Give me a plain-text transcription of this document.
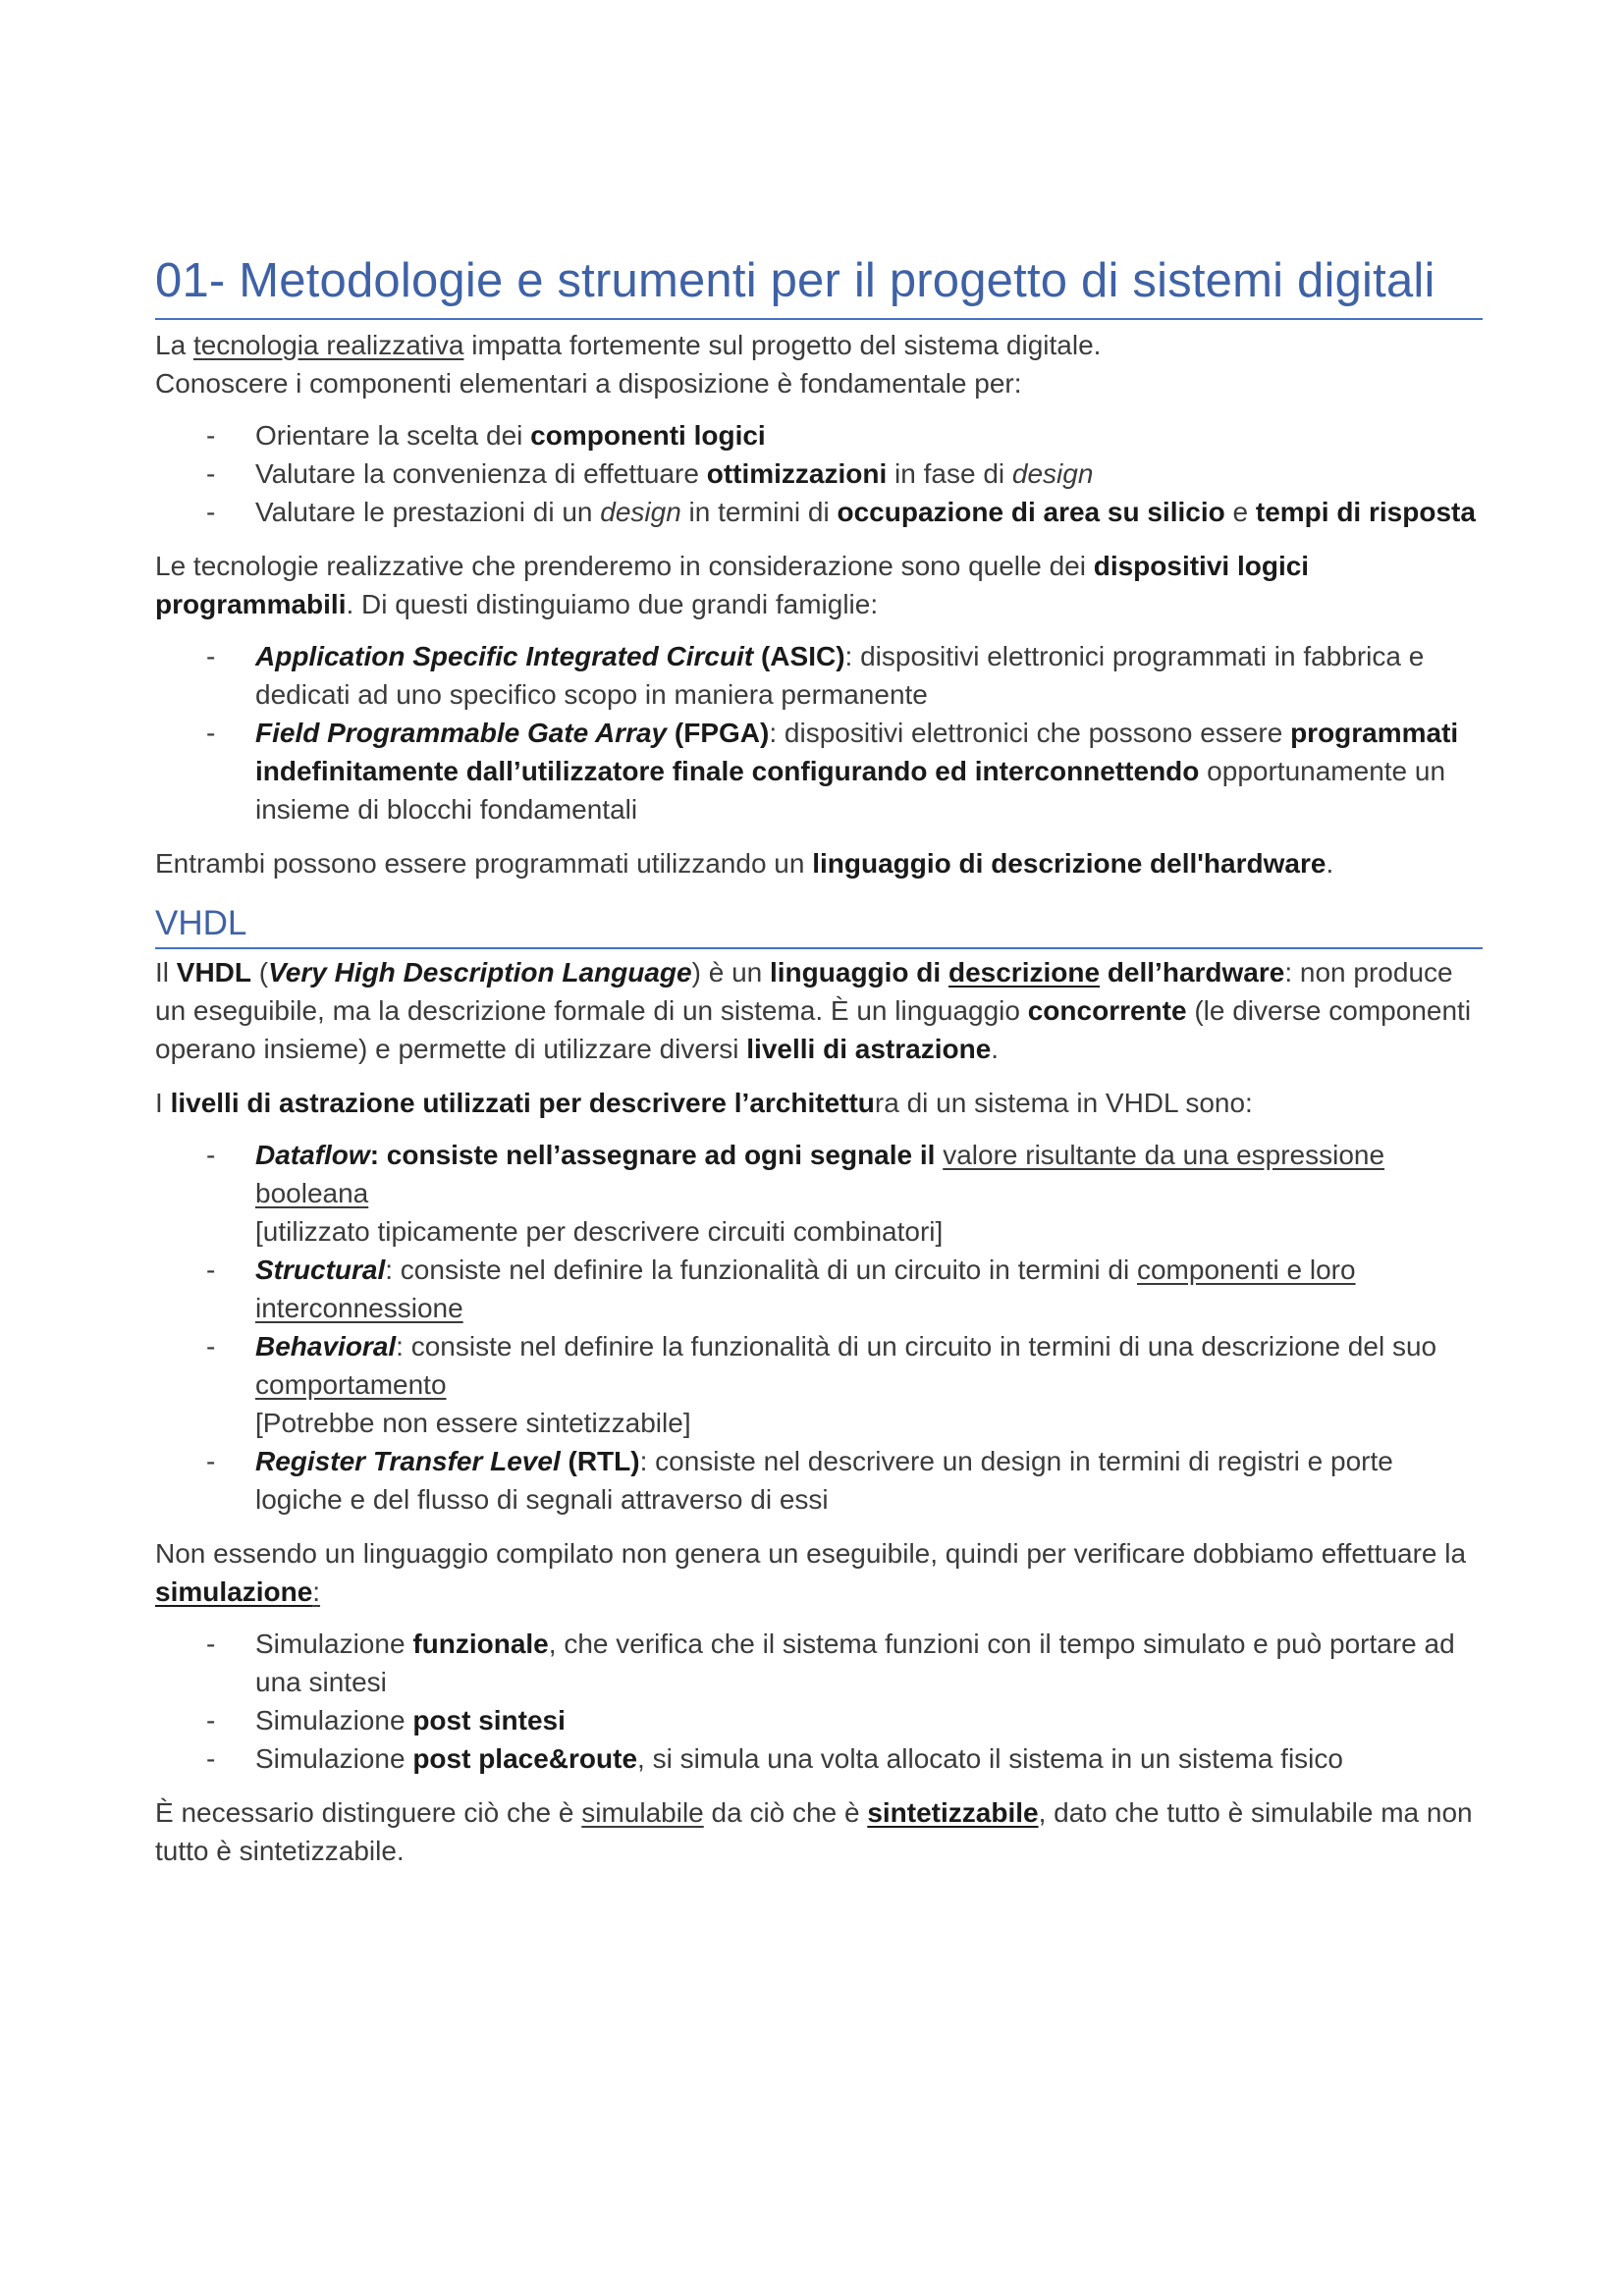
01- Metodologie e strumenti per il progetto di sistemi digitali

La tecnologia realizzativa impatta fortemente sul progetto del sistema digitale.

Conoscere i componenti elementari a disposizione è fondamentale per:

- Orientare la scelta dei componenti logici
- Valutare la convenienza di effettuare ottimizzazioni in fase di design
- Valutare le prestazioni di un design in termini di occupazione di area su silicio e tempi di risposta

Le tecnologie realizzative che prenderemo in considerazione sono quelle dei dispositivi logici programmabili. Di questi distinguiamo due grandi famiglie:

- Application Specific Integrated Circuit (ASIC): dispositivi elettronici programmati in fabbrica e dedicati ad uno specifico scopo in maniera permanente
- Field Programmable Gate Array (FPGA): dispositivi elettronici che possono essere programmati indefinitamente dall’utilizzatore finale configurando ed interconnettendo opportunamente un insieme di blocchi fondamentali

Entrambi possono essere programmati utilizzando un linguaggio di descrizione dell'hardware.

VHDL

Il VHDL (Very High Description Language) è un linguaggio di descrizione dell’hardware: non produce un eseguibile, ma la descrizione formale di un sistema. È un linguaggio concorrente (le diverse componenti operano insieme) e permette di utilizzare diversi livelli di astrazione.

I livelli di astrazione utilizzati per descrivere l’architettura di un sistema in VHDL sono:

- Dataflow: consiste nell’assegnare ad ogni segnale il valore risultante da una espressione booleana
[utilizzato tipicamente per descrivere circuiti combinatori]
- Structural: consiste nel definire la funzionalità di un circuito in termini di componenti e loro interconnessione
- Behavioral: consiste nel definire la funzionalità di un circuito in termini di una descrizione del suo comportamento
[Potrebbe non essere sintetizzabile]
- Register Transfer Level (RTL): consiste nel descrivere un design in termini di registri e porte logiche e del flusso di segnali attraverso di essi

Non essendo un linguaggio compilato non genera un eseguibile, quindi per verificare dobbiamo effettuare la simulazione:

- Simulazione funzionale, che verifica che il sistema funzioni con il tempo simulato e può portare ad una sintesi
- Simulazione post sintesi
- Simulazione post place&route, si simula una volta allocato il sistema in un sistema fisico

È necessario distinguere ciò che è simulabile da ciò che è sintetizzabile, dato che tutto è simulabile ma non tutto è sintetizzabile.
